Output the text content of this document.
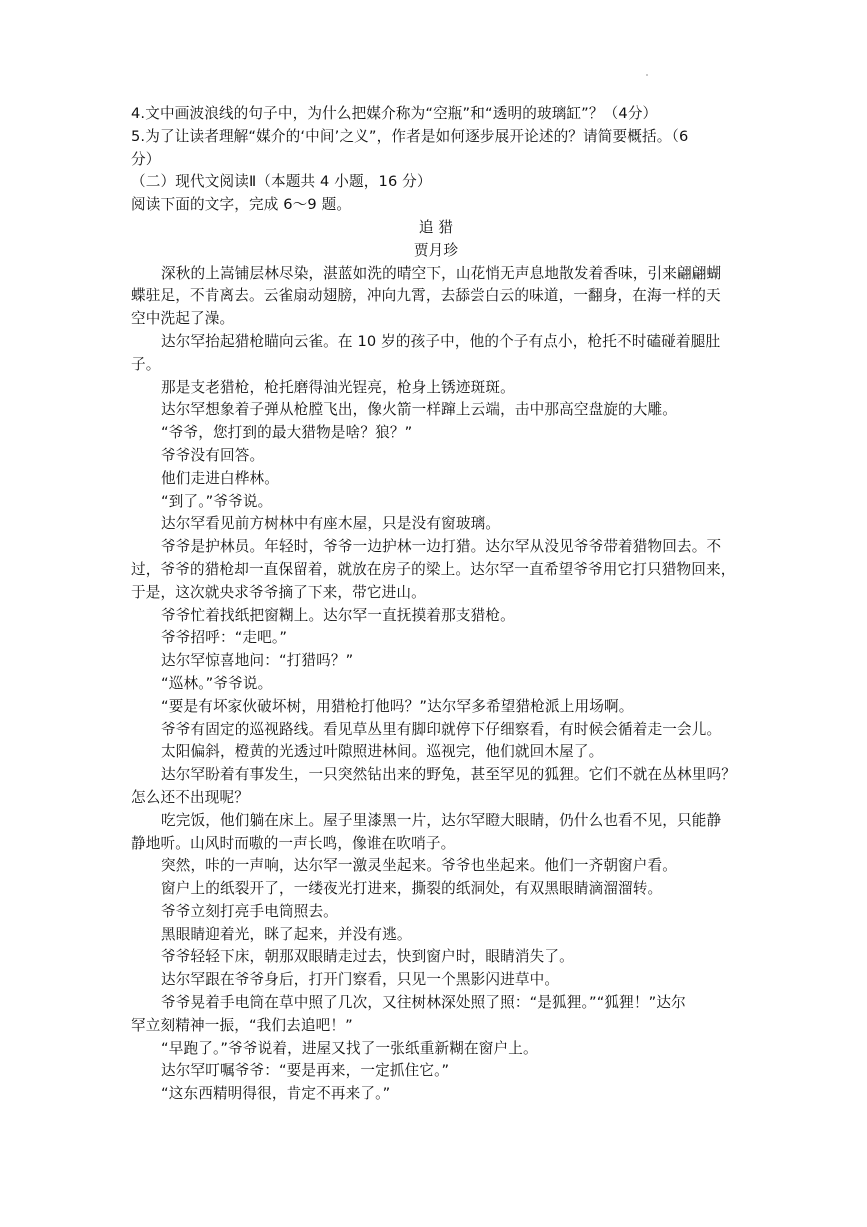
4.文中画波浪线的句子中，为什么把媒介称为“空瓶”和“透明的玻璃缸”？（4分）
5.为了让读者理解“媒介的‘中间’之义”，作者是如何逐步展开论述的？请简要概括。（6
分）
（二）现代文阅读Ⅱ（本题共 4 小题，16 分）
阅读下面的文字，完成 6～9 题。
追 猎
贾月珍
深秋的上嵩铺层林尽染，湛蓝如洗的晴空下，山花悄无声息地散发着香味，引来翩翩蝴
蝶驻足，不肯离去。云雀扇动翅膀，冲向九霄，去舔尝白云的味道，一翻身，在海一样的天
空中洗起了澡。
达尔罕抬起猎枪瞄向云雀。在 10 岁的孩子中，他的个子有点小，枪托不时磕碰着腿肚
子。
那是支老猎枪，枪托磨得油光锃亮，枪身上锈迹斑斑。
达尔罕想象着子弹从枪膛飞出，像火箭一样蹿上云端，击中那高空盘旋的大雕。
“爷爷，您打到的最大猎物是啥？狼？”
爷爷没有回答。
他们走进白桦林。
“到了。”爷爷说。
达尔罕看见前方树林中有座木屋，只是没有窗玻璃。
爷爷是护林员。年轻时，爷爷一边护林一边打猎。达尔罕从没见爷爷带着猎物回去。不
过，爷爷的猎枪却一直保留着，就放在房子的梁上。达尔罕一直希望爷爷用它打只猎物回来，
于是，这次就央求爷爷摘了下来，带它进山。
爷爷忙着找纸把窗糊上。达尔罕一直抚摸着那支猎枪。
爷爷招呼：“走吧。”
达尔罕惊喜地问：“打猎吗？”
“巡林。”爷爷说。
“要是有坏家伙破坏树，用猎枪打他吗？”达尔罕多希望猎枪派上用场啊。
爷爷有固定的巡视路线。看见草丛里有脚印就停下仔细察看，有时候会循着走一会儿。
太阳偏斜，橙黄的光透过叶隙照进林间。巡视完，他们就回木屋了。
达尔罕盼着有事发生，一只突然钻出来的野兔，甚至罕见的狐狸。它们不就在丛林里吗？
怎么还不出现呢？
吃完饭，他们躺在床上。屋子里漆黑一片，达尔罕瞪大眼睛，仍什么也看不见，只能静
静地听。山风时而嗷的一声长鸣，像谁在吹哨子。
突然，咔的一声响，达尔罕一激灵坐起来。爷爷也坐起来。他们一齐朝窗户看。
窗户上的纸裂开了，一缕夜光打进来，撕裂的纸洞处，有双黑眼睛滴溜溜转。
爷爷立刻打亮手电筒照去。
黑眼睛迎着光，眯了起来，并没有逃。
爷爷轻轻下床，朝那双眼睛走过去，快到窗户时，眼睛消失了。
达尔罕跟在爷爷身后，打开门察看，只见一个黑影闪进草中。
爷爷晃着手电筒在草中照了几次，又往树林深处照了照：“是狐狸。”“狐狸！”达尔
罕立刻精神一振，“我们去追吧！”
“早跑了。”爷爷说着，进屋又找了一张纸重新糊在窗户上。
达尔罕叮嘱爷爷：“要是再来，一定抓住它。”
“这东西精明得很，肯定不再来了。”
